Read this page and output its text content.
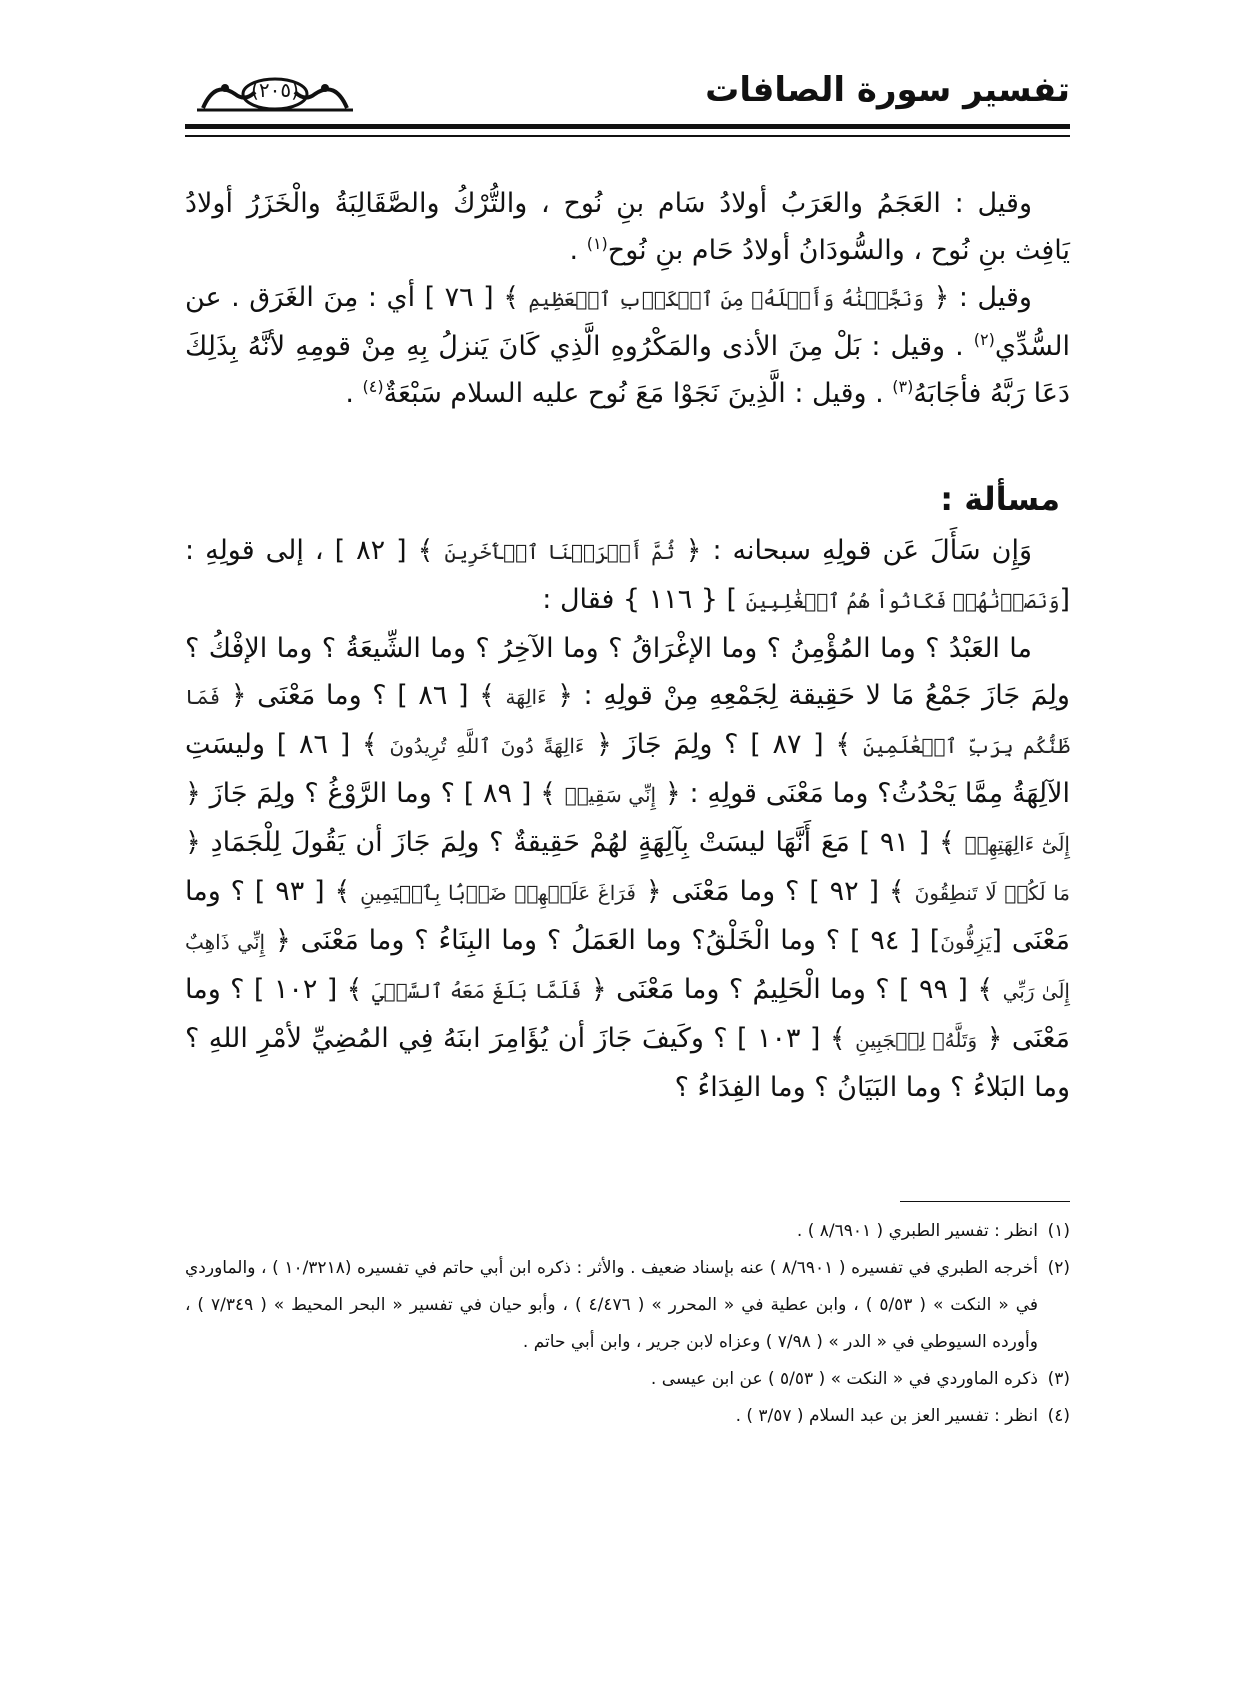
تفسير سورة الصافات
(٢٠٥)

وقيل : العَجَمُ والعَرَبُ أولادُ سَام بنِ نُوح ، والتُّرْكُ والصَّقَالِبَةُ والْخَزَرُ أولادُ يَافِث بنِ نُوح ، والسُّودَانُ أولادُ حَام بنِ نُوح$^{(١)}$ .

وقيل : ﴿ وَنَجَّيۡنَٰهُ وَأَهۡلَهُۥ مِنَ ٱلۡكَرۡبِ ٱلۡعَظِيمِ ﴾ [ ٧٦ ] أي : مِنَ الغَرَق . عن السُّدِّي$^{(٢)}$ . وقيل : بَلْ مِنَ الأذى والمَكْرُوهِ الَّذِي كَانَ يَنزلُ بِهِ مِنْ قومِهِ لأنَّهُ بِذَلِكَ دَعَا رَبَّهُ فأجَابَهُ$^{(٣)}$ . وقيل : الَّذِينَ نَجَوْا مَعَ نُوح عليه السلام سَبْعَةٌ$^{(٤)}$ .

مسألة :

وَإِن سَأَلَ عَن قولِهِ سبحانه : ﴿ ثُمَّ أَغۡرَقۡنَا ٱلۡأٓخَرِينَ ﴾ [ ٨٢ ] ، إلى قولِهِ : [وَنَصَرۡنَٰهُمۡ فَكَانُواْ هُمُ ٱلۡغَٰلِبِينَ ] { ١١٦ } فقال :

ما العَبْدُ ؟ وما المُؤْمِنُ ؟ وما الإغْرَاقُ ؟ وما الآخِرُ ؟ وما الشِّيعَةُ ؟ وما الإفْكُ ؟ ولِمَ جَازَ جَمْعُ مَا لا حَقِيقة لِجَمْعِهِ مِنْ قولِهِ : ﴿ ءَالِهَة ﴾ [ ٨٦ ] ؟ وما مَعْنَى ﴿ فَمَا ظَنُّكُم بِرَبِّ ٱلۡعَٰلَمِينَ ﴾ [ ٨٧ ] ؟ ولِمَ جَازَ ﴿ ءَالِهَةً دُونَ ٱللَّهِ تُرِيدُونَ ﴾ [ ٨٦ ] وليسَتِ الآلِهَةُ مِمَّا يَحْدُثُ؟ وما مَعْنَى قولِهِ : ﴿ إِنِّي سَقِيمٞ ﴾ [ ٨٩ ] ؟ وما الرَّوْغُ ؟ ولِمَ جَازَ ﴿ إِلَىٰٓ ءَالِهَتِهِمۡ ﴾ [ ٩١ ] مَعَ أَنَّهَا ليسَتْ بِآلِهَةٍ لهُمْ حَقِيقةٌ ؟ ولِمَ جَازَ أن يَقُولَ لِلْجَمَادِ ﴿ مَا لَكُمۡ لَا تَنطِقُونَ ﴾ [ ٩٢ ] ؟ وما مَعْنَى ﴿ فَرَاغَ عَلَيۡهِمۡ ضَرۡبَۢا بِٱلۡيَمِينِ ﴾ [ ٩٣ ] ؟ وما مَعْنَى [يَزِفُّونَ] [ ٩٤ ] ؟ وما الْخَلْقُ؟ وما العَمَلُ ؟ وما البِنَاءُ ؟ وما مَعْنَى ﴿ إِنِّي ذَاهِبٌ إِلَىٰ رَبِّي ﴾ [ ٩٩ ] ؟ وما الْحَلِيمُ ؟ وما مَعْنَى ﴿ فَلَمَّا بَلَغَ مَعَهُ ٱلسَّعۡيَ ﴾ [ ١٠٢ ] ؟ وما مَعْنَى ﴿ وَتَلَّهُۥ لِلۡجَبِينِ ﴾ [ ١٠٣ ] ؟ وكَيفَ جَازَ أن يُؤَامِرَ ابنَهُ فِي المُضِيِّ لأمْرِ اللهِ ؟ وما البَلاءُ ؟ وما البَيَانُ ؟ وما الفِدَاءُ ؟

(١)انظر : تفسير الطبري ( ٨/٦٩٠١ ) .

(٢)أخرجه الطبري في تفسيره ( ٨/٦٩٠١ ) عنه بإسناد ضعيف . والأثر : ذكره ابن أبي حاتم في تفسيره (١٠/٣٢١٨ ) ، والماوردي في « النكت » ( ٥/٥٣ ) ، وابن عطية في « المحرر » ( ٤/٤٧٦ ) ، وأبو حيان في تفسير « البحر المحيط » ( ٧/٣٤٩ ) ، وأورده السيوطي في « الدر » ( ٧/٩٨ ) وعزاه لابن جرير ، وابن أبي حاتم .

(٣)ذكره الماوردي في « النكت » ( ٥/٥٣ ) عن ابن عيسى .

(٤)انظر : تفسير العز بن عبد السلام ( ٣/٥٧ ) .
